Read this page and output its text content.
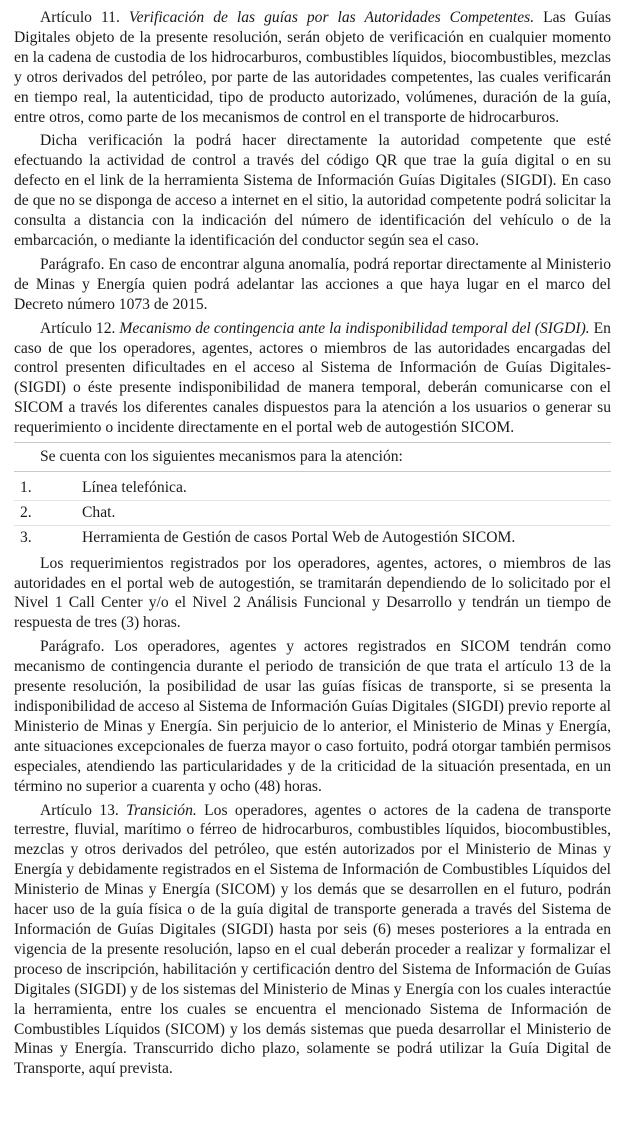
Artículo 11. Verificación de las guías por las Autoridades Competentes. Las Guías Digitales objeto de la presente resolución, serán objeto de verificación en cualquier momento en la cadena de custodia de los hidrocarburos, combustibles líquidos, biocombustibles, mezclas y otros derivados del petróleo, por parte de las autoridades competentes, las cuales verificarán en tiempo real, la autenticidad, tipo de producto autorizado, volúmenes, duración de la guía, entre otros, como parte de los mecanismos de control en el transporte de hidrocarburos.

Dicha verificación la podrá hacer directamente la autoridad competente que esté efectuando la actividad de control a través del código QR que trae la guía digital o en su defecto en el link de la herramienta Sistema de Información Guías Digitales (SIGDI). En caso de que no se disponga de acceso a internet en el sitio, la autoridad competente podrá solicitar la consulta a distancia con la indicación del número de identificación del vehículo o de la embarcación, o mediante la identificación del conductor según sea el caso.

Parágrafo. En caso de encontrar alguna anomalía, podrá reportar directamente al Ministerio de Minas y Energía quien podrá adelantar las acciones a que haya lugar en el marco del Decreto número 1073 de 2015.

Artículo 12. Mecanismo de contingencia ante la indisponibilidad temporal del (SIGDI). En caso de que los operadores, agentes, actores o miembros de las autoridades encargadas del control presenten dificultades en el acceso al Sistema de Información de Guías Digitales-(SIGDI) o éste presente indisponibilidad de manera temporal, deberán comunicarse con el SICOM a través los diferentes canales dispuestos para la atención a los usuarios o generar su requerimiento o incidente directamente en el portal web de autogestión SICOM.

Se cuenta con los siguientes mecanismos para la atención:

1.	Línea telefónica.
2.	Chat.
3.	Herramienta de Gestión de casos Portal Web de Autogestión SICOM.

Los requerimientos registrados por los operadores, agentes, actores, o miembros de las autoridades en el portal web de autogestión, se tramitarán dependiendo de lo solicitado por el Nivel 1 Call Center y/o el Nivel 2 Análisis Funcional y Desarrollo y tendrán un tiempo de respuesta de tres (3) horas.

Parágrafo. Los operadores, agentes y actores registrados en SICOM tendrán como mecanismo de contingencia durante el periodo de transición de que trata el artículo 13 de la presente resolución, la posibilidad de usar las guías físicas de transporte, si se presenta la indisponibilidad de acceso al Sistema de Información Guías Digitales (SIGDI) previo reporte al Ministerio de Minas y Energía. Sin perjuicio de lo anterior, el Ministerio de Minas y Energía, ante situaciones excepcionales de fuerza mayor o caso fortuito, podrá otorgar también permisos especiales, atendiendo las particularidades y de la criticidad de la situación presentada, en un término no superior a cuarenta y ocho (48) horas.

Artículo 13. Transición. Los operadores, agentes o actores de la cadena de transporte terrestre, fluvial, marítimo o férreo de hidrocarburos, combustibles líquidos, biocombustibles, mezclas y otros derivados del petróleo, que estén autorizados por el Ministerio de Minas y Energía y debidamente registrados en el Sistema de Información de Combustibles Líquidos del Ministerio de Minas y Energía (SICOM) y los demás que se desarrollen en el futuro, podrán hacer uso de la guía física o de la guía digital de transporte generada a través del Sistema de Información de Guías Digitales (SIGDI) hasta por seis (6) meses posteriores a la entrada en vigencia de la presente resolución, lapso en el cual deberán proceder a realizar y formalizar el proceso de inscripción, habilitación y certificación dentro del Sistema de Información de Guías Digitales (SIGDI) y de los sistemas del Ministerio de Minas y Energía con los cuales interactúe la herramienta, entre los cuales se encuentra el mencionado Sistema de Información de Combustibles Líquidos (SICOM) y los demás sistemas que pueda desarrollar el Ministerio de Minas y Energía. Transcurrido dicho plazo, solamente se podrá utilizar la Guía Digital de Transporte, aquí prevista.
